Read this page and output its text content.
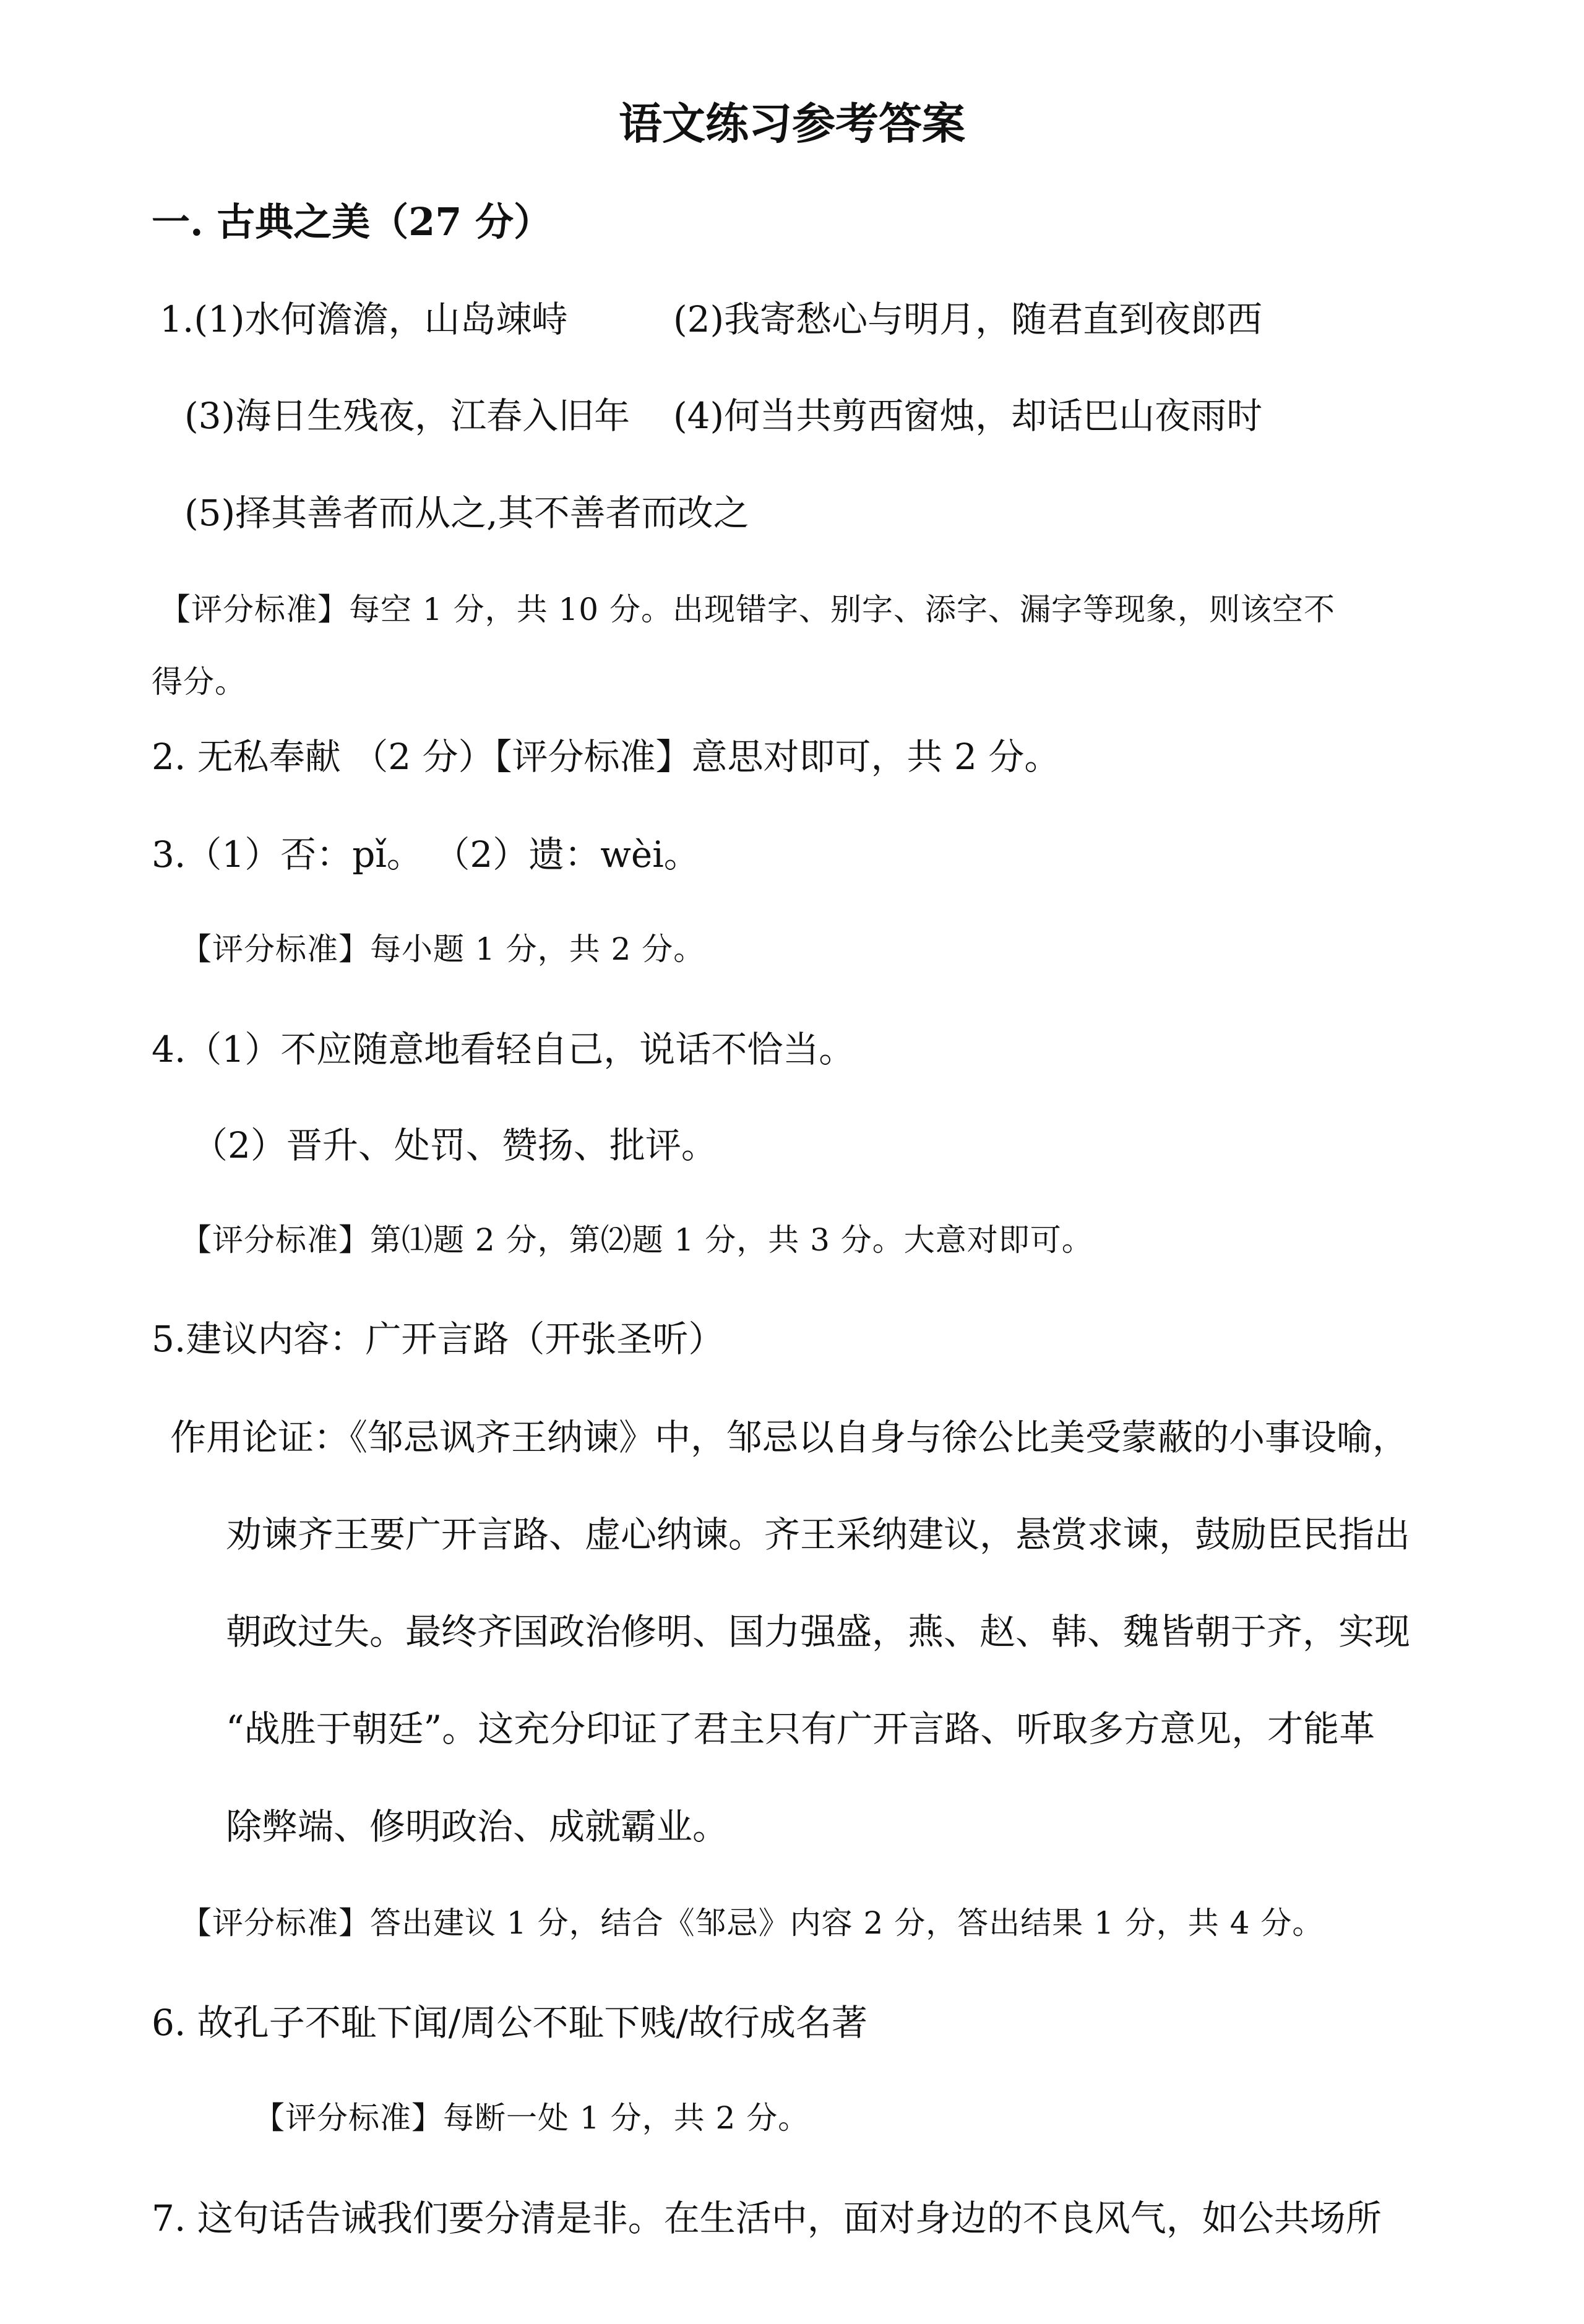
语文练习参考答案
一. 古典之美（27 分）
1.(1)水何澹澹，山岛竦峙	(2)我寄愁心与明月，随君直到夜郎西
(3)海日生残夜，江春入旧年 (4)何当共剪西窗烛，却话巴山夜雨时
(5)择其善者而从之,其不善者而改之
【评分标准】每空 1 分，共 10 分。出现错字、别字、添字、漏字等现象，则该空不
得分。
2. 无私奉献 （2 分）【评分标准】意思对即可，共 2 分。
3.（1）否：pǐ。 （2）遗：wèi。
【评分标准】每小题 1 分，共 2 分。
4.（1）不应随意地看轻自己，说话不恰当。
（2）晋升、处罚、赞扬、批评。
【评分标准】第⑴题 2 分，第⑵题 1 分，共 3 分。大意对即可。
5.建议内容：广开言路（开张圣听）
作用论证：《邹忌讽齐王纳谏》中，邹忌以自身与徐公比美受蒙蔽的小事设喻，
劝谏齐王要广开言路、虚心纳谏。齐王采纳建议，悬赏求谏，鼓励臣民指出
朝政过失。最终齐国政治修明、国力强盛，燕、赵、韩、魏皆朝于齐，实现
“战胜于朝廷”。这充分印证了君主只有广开言路、听取多方意见，才能革
除弊端、修明政治、成就霸业。
【评分标准】答出建议 1 分，结合《邹忌》内容 2 分，答出结果 1 分，共 4 分。
6. 故孔子不耻下闻/周公不耻下贱/故行成名著
【评分标准】每断一处 1 分，共 2 分。
7. 这句话告诫我们要分清是非。在生活中，面对身边的不良风气，如公共场所
